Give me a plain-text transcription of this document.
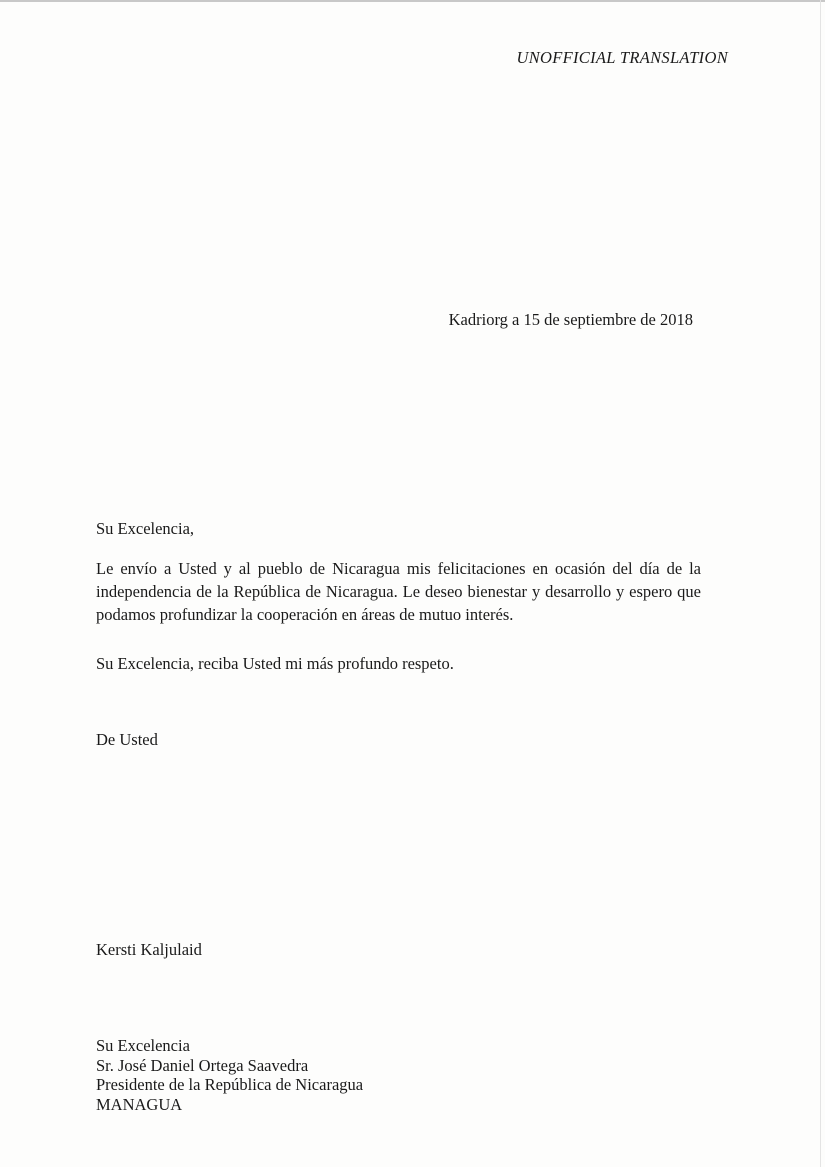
UNOFFICIAL TRANSLATION
Kadriorg a 15 de septiembre de 2018
Su Excelencia,
Le envío a Usted y al pueblo de Nicaragua mis felicitaciones en ocasión del día de la independencia de la República de Nicaragua. Le deseo bienestar y desarrollo y espero que podamos profundizar la cooperación en áreas de mutuo interés.
Su Excelencia, reciba Usted mi más profundo respeto.
De Usted
Kersti Kaljulaid
Su Excelencia
Sr. José Daniel Ortega Saavedra
Presidente de la República de Nicaragua
MANAGUA
